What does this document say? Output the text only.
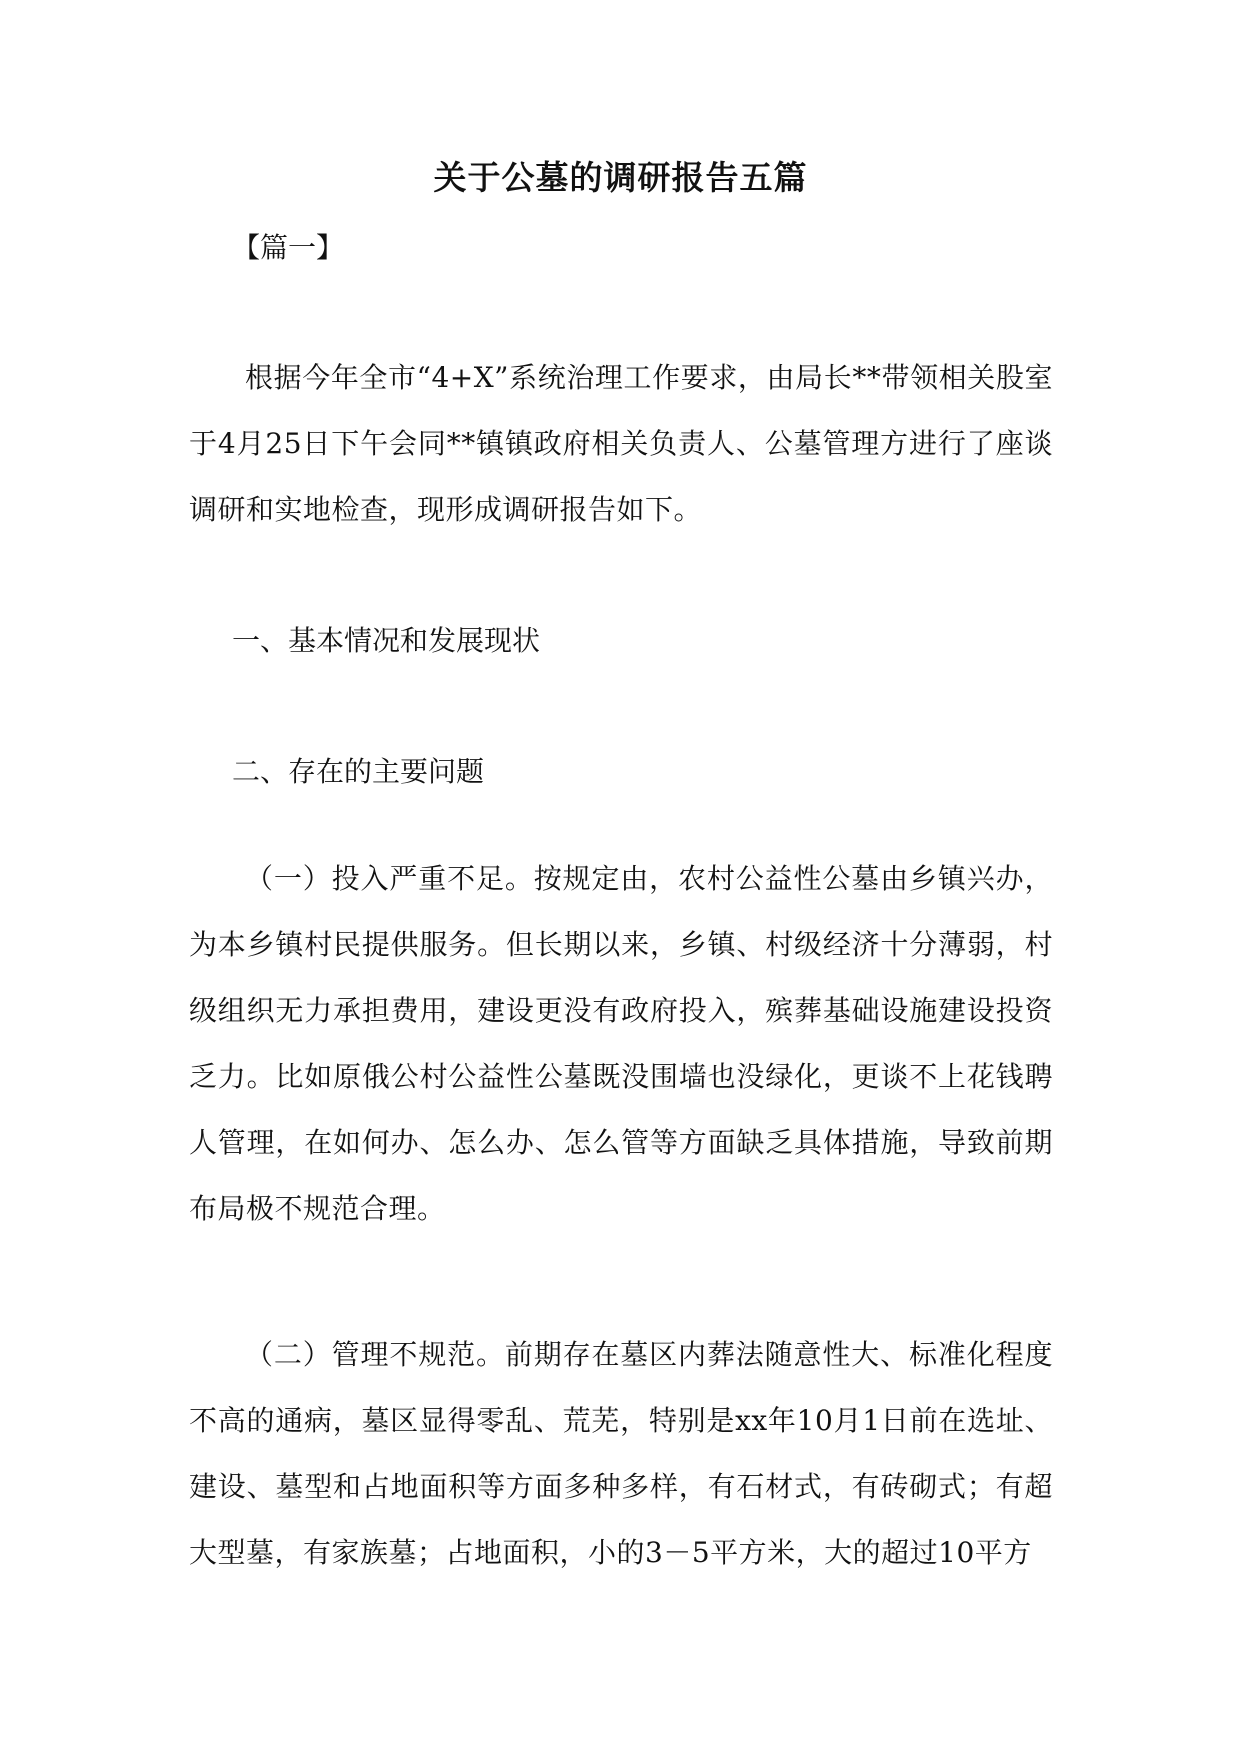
关于公墓的调研报告五篇
【篇一】
根据今年全市“4+X”系统治理工作要求，由局长**带领相关股室于4月25日下午会同**镇镇政府相关负责人、公墓管理方进行了座谈调研和实地检查，现形成调研报告如下。
一、基本情况和发展现状
二、存在的主要问题
（一）投入严重不足。按规定由，农村公益性公墓由乡镇兴办，为本乡镇村民提供服务。但长期以来，乡镇、村级经济十分薄弱，村级组织无力承担费用，建设更没有政府投入，殡葬基础设施建设投资乏力。比如原俄公村公益性公墓既没围墙也没绿化，更谈不上花钱聘人管理，在如何办、怎么办、怎么管等方面缺乏具体措施，导致前期布局极不规范合理。
（二）管理不规范。前期存在墓区内葬法随意性大、标准化程度不高的通病，墓区显得零乱、荒芜，特别是xx年10月1日前在选址、建设、墓型和占地面积等方面多种多样，有石材式，有砖砌式；有超大型墓，有家族墓；占地面积，小的3－5平方米，大的超过10平方
